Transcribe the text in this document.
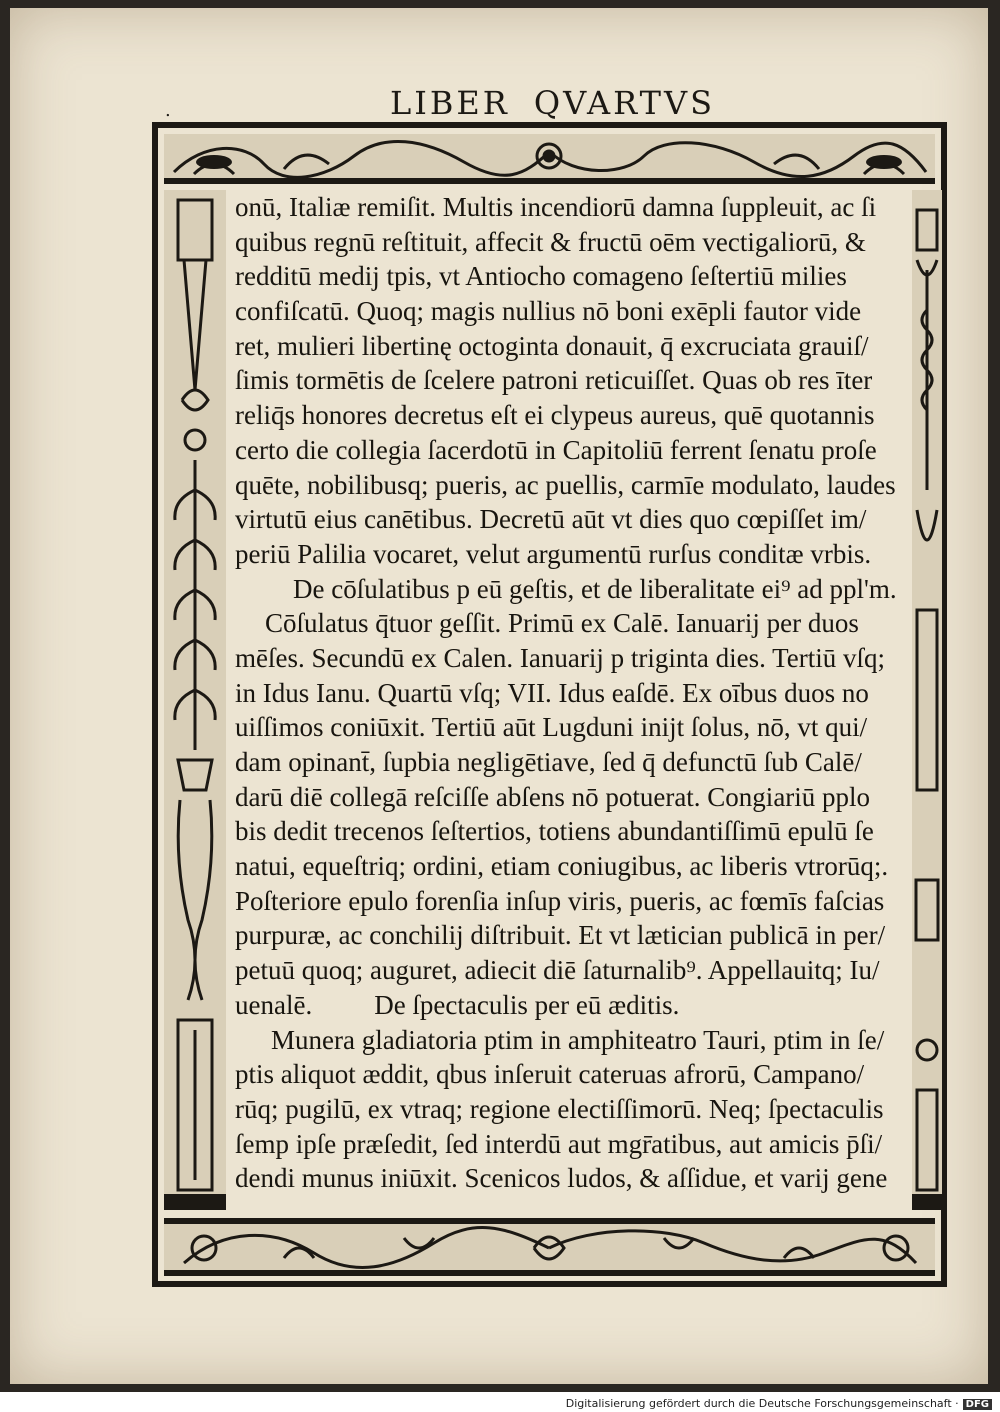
.	LIBER QVARTVS
onū, Italiæ remiſit. Multis incendiorū damna ſuppleuit, ac ſi
quibus regnū reſtituit, affecit & fructū oēm vectigaliorū, &
redditū medij tpis, vt Antiocho comageno ſeſtertiū milies
confiſcatū. Quoq; magis nullius nō boni exēpli fautor vide
ret, mulieri libertinę octoginta donauit, q̄ excruciata grauiſ/
ſimis tormētis de ſcelere patroni reticuiſſet. Quas ob res īter
reliq̄s honores decretus eſt ei clypeus aureus, quē quotannis
certo die collegia ſacerdotū in Capitoliū ferrent ſenatu proſe
quēte, nobilibusq; pueris, ac puellis, carmīe modulato, laudes
virtutū eius canētibus. Decretū aūt vt dies quo cœpiſſet im/
periū Palilia vocaret, velut argumentū rurſus conditæ vrbis.
De cōſulatibus p eū geſtis, et de liberalitate ei⁹ ad ppl'm.
Cōſulatus q̄tuor geſſit. Primū ex Calē. Ianuarij per duos
mēſes. Secundū ex Calen. Ianuarij p triginta dies. Tertiū vſq;
in Idus Ianu. Quartū vſq; VII. Idus eaſdē. Ex oībus duos no
uiſſimos coniūxit. Tertiū aūt Lugduni inijt ſolus, nō, vt qui/
dam opinant̄, ſupbia negligētiave, ſed q̄ defunctū ſub Calē/
darū diē collegā reſciſſe abſens nō potuerat. Congiariū pplo
bis dedit trecenos ſeſtertios, totiens abundantiſſimū epulū ſe
natui, equeſtriq; ordini, etiam coniugibus, ac liberis vtrorūq;.
Poſteriore epulo forenſia inſup viris, pueris, ac fœmīs faſcias
purpuræ, ac conchilij diſtribuit. Et vt lætician publicā in per/
petuū quoq; auguret, adiecit diē ſaturnalib⁹. Appellauitq; Iu/
uenalē. De ſpectaculis per eū æditis.
Munera gladiatoria ptim in amphiteatro Tauri, ptim in ſe/
ptis aliquot æddit, qbus inſeruit cateruas afrorū, Campano/
rūq; pugilū, ex vtraq; regione electiſſimorū. Neq; ſpectaculis
ſemp ipſe præſedit, ſed interdū aut mgr̄atibus, aut amicis p̄ſi/
dendi munus iniūxit. Scenicos ludos, & aſſidue, et varij gene
Digitalisierung gefördert durch die Deutsche Forschungsgemeinschaft · DFG
